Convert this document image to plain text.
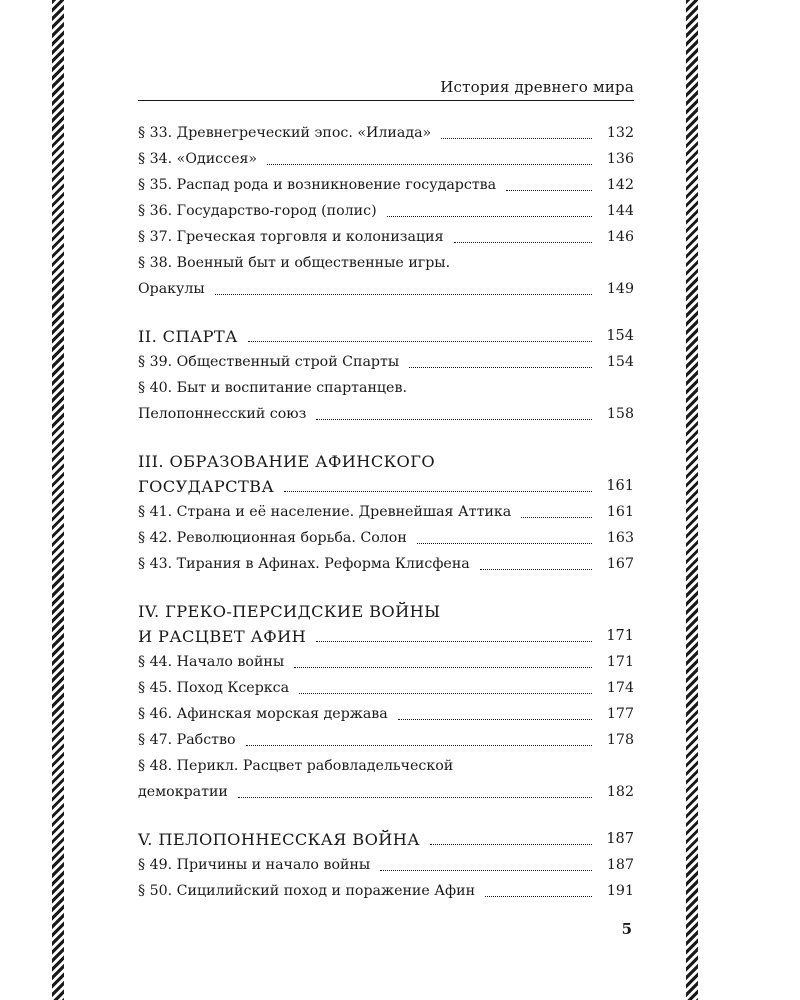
История древнего мира
§ 33. Древнегреческий эпос. «Илиада»	132
§ 34. «Одиссея»	136
§ 35. Распад рода и возникновение государства	142
§ 36. Государство-город (полис)	144
§ 37. Греческая торговля и колонизация	146
§ 38. Военный быт и общественные игры.
Оракулы	149
II. СПАРТА	154
§ 39. Общественный строй Спарты	154
§ 40. Быт и воспитание спартанцев.
Пелопоннесский союз	158
III. ОБРАЗОВАНИЕ АФИНСКОГО
ГОСУДАРСТВА	161
§ 41. Страна и её население. Древнейшая Аттика	161
§ 42. Революционная борьба. Солон	163
§ 43. Тирания в Афинах. Реформа Клисфена	167
IV. ГРЕКО-ПЕРСИДСКИЕ ВОЙНЫ
И РАСЦВЕТ АФИН	171
§ 44. Начало войны	171
§ 45. Поход Ксеркса	174
§ 46. Афинская морская держава	177
§ 47. Рабство	178
§ 48. Перикл. Расцвет рабовладельческой
демократии	182
V. ПЕЛОПОННЕССКАЯ ВОЙНА	187
§ 49. Причины и начало войны	187
§ 50. Сицилийский поход и поражение Афин	191
5
